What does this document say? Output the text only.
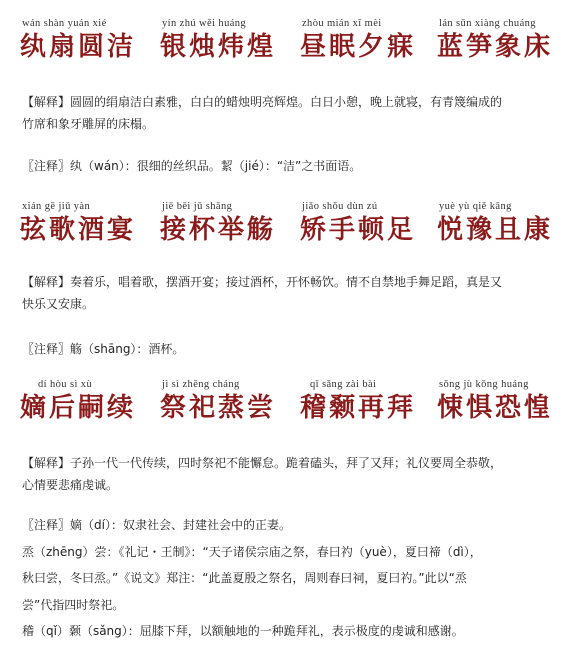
wán shàn yuán xié
纨扇圆洁
yín zhú wěi huáng
银烛炜煌
zhòu mián xī mèi
昼眠夕寐
lán sǔn xiàng chuáng
蓝笋象床
【解释】圆圆的绢扇洁白素雅，白白的蜡烛明亮辉煌。白日小憩，晚上就寝，有青篾编成的
竹席和象牙雕屏的床榻。
〖注释〗纨（wán）：很细的丝织品。絜（jié）：“洁”之书面语。
xián gē jiǔ yàn
弦歌酒宴
jiē bēi jǔ shāng
接杯举觞
jiǎo shǒu dùn zú
矫手顿足
yuè yù qiě kāng
悦豫且康
【解释】奏着乐，唱着歌，摆酒开宴；接过酒杯，开怀畅饮。情不自禁地手舞足蹈，真是又
快乐又安康。
〖注释〗觞（shāng）：酒杯。
dí hòu sì xù
嫡后嗣续
jì sì zhēng cháng
祭祀蒸尝
qǐ sǎng zài bài
稽颡再拜
sǒng jù kǒng huáng
悚惧恐惶
【解释】子孙一代一代传续，四时祭祀不能懈怠。跪着磕头，拜了又拜；礼仪要周全恭敬，
心情要悲痛虔诚。
〖注释〗嫡（dí）：奴隶社会、封建社会中的正妻。
烝（zhēng）尝：《礼记・王制》：“天子诸侯宗庙之祭，春曰礿（yuè），夏曰禘（dì），
秋曰尝，冬曰烝。”《说文》郑注：“此盖夏殷之祭名，周则春曰祠，夏曰礿。”此以“烝
尝”代指四时祭祀。
稽（qǐ）颡（sǎng）：屈膝下拜，以额触地的一种跪拜礼，表示极度的虔诚和感谢。
